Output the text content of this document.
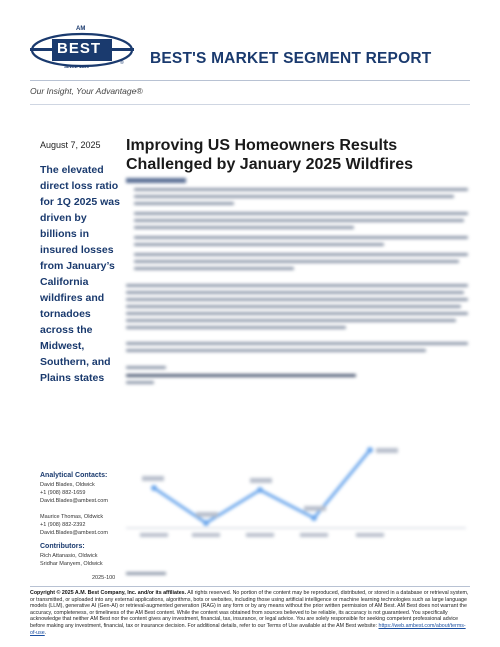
AM
BEST
SINCE 1899
® BEST'S MARKET SEGMENT REPORT
Our Insight, Your Advantage®
August 7, 2025 Improving US Homeowners Results Challenged by January 2025 Wildfires
The elevated direct loss ratio for 1Q 2025 was driven by billions in insured losses from January’s California wildfires and tornadoes across the Midwest, Southern, and Plains states
Analytical Contacts:
David Blades, Oldwick
+1 (908) 882-1659
David.Blades@ambest.com
Maurice Thomas, Oldwick
+1 (908) 882-2392
David.Blades@ambest.com
Contributors:
Rich Attanasio, Oldwick
Sridhar Manyem, Oldwick
2025-100
Copyright © 2025 A.M. Best Company, Inc. and/or its affiliates. All rights reserved. No portion of the content may be reproduced, distributed, or stored in a database or retrieval system, or transmitted, or uploaded into any external applications, algorithms, bots or websites, including those using artificial intelligence or machine learning technologies such as large language models (LLM), generative AI (Gen-AI) or retrieval-augmented generation (RAG) in any form or by any means without the prior written permission of AM Best. AM Best does not warrant the accuracy, completeness, or timeliness of the AM Best content. While the content was obtained from sources believed to be reliable, its accuracy is not guaranteed. You specifically acknowledge that neither AM Best nor the content gives any investment, financial, tax, insurance, or legal advice. You are solely responsible for seeking competent professional advice before making any investment, financial, tax or insurance decision. For additional details, refer to our Terms of Use available at the AM Best website: https://web.ambest.com/about/terms-of-use.
